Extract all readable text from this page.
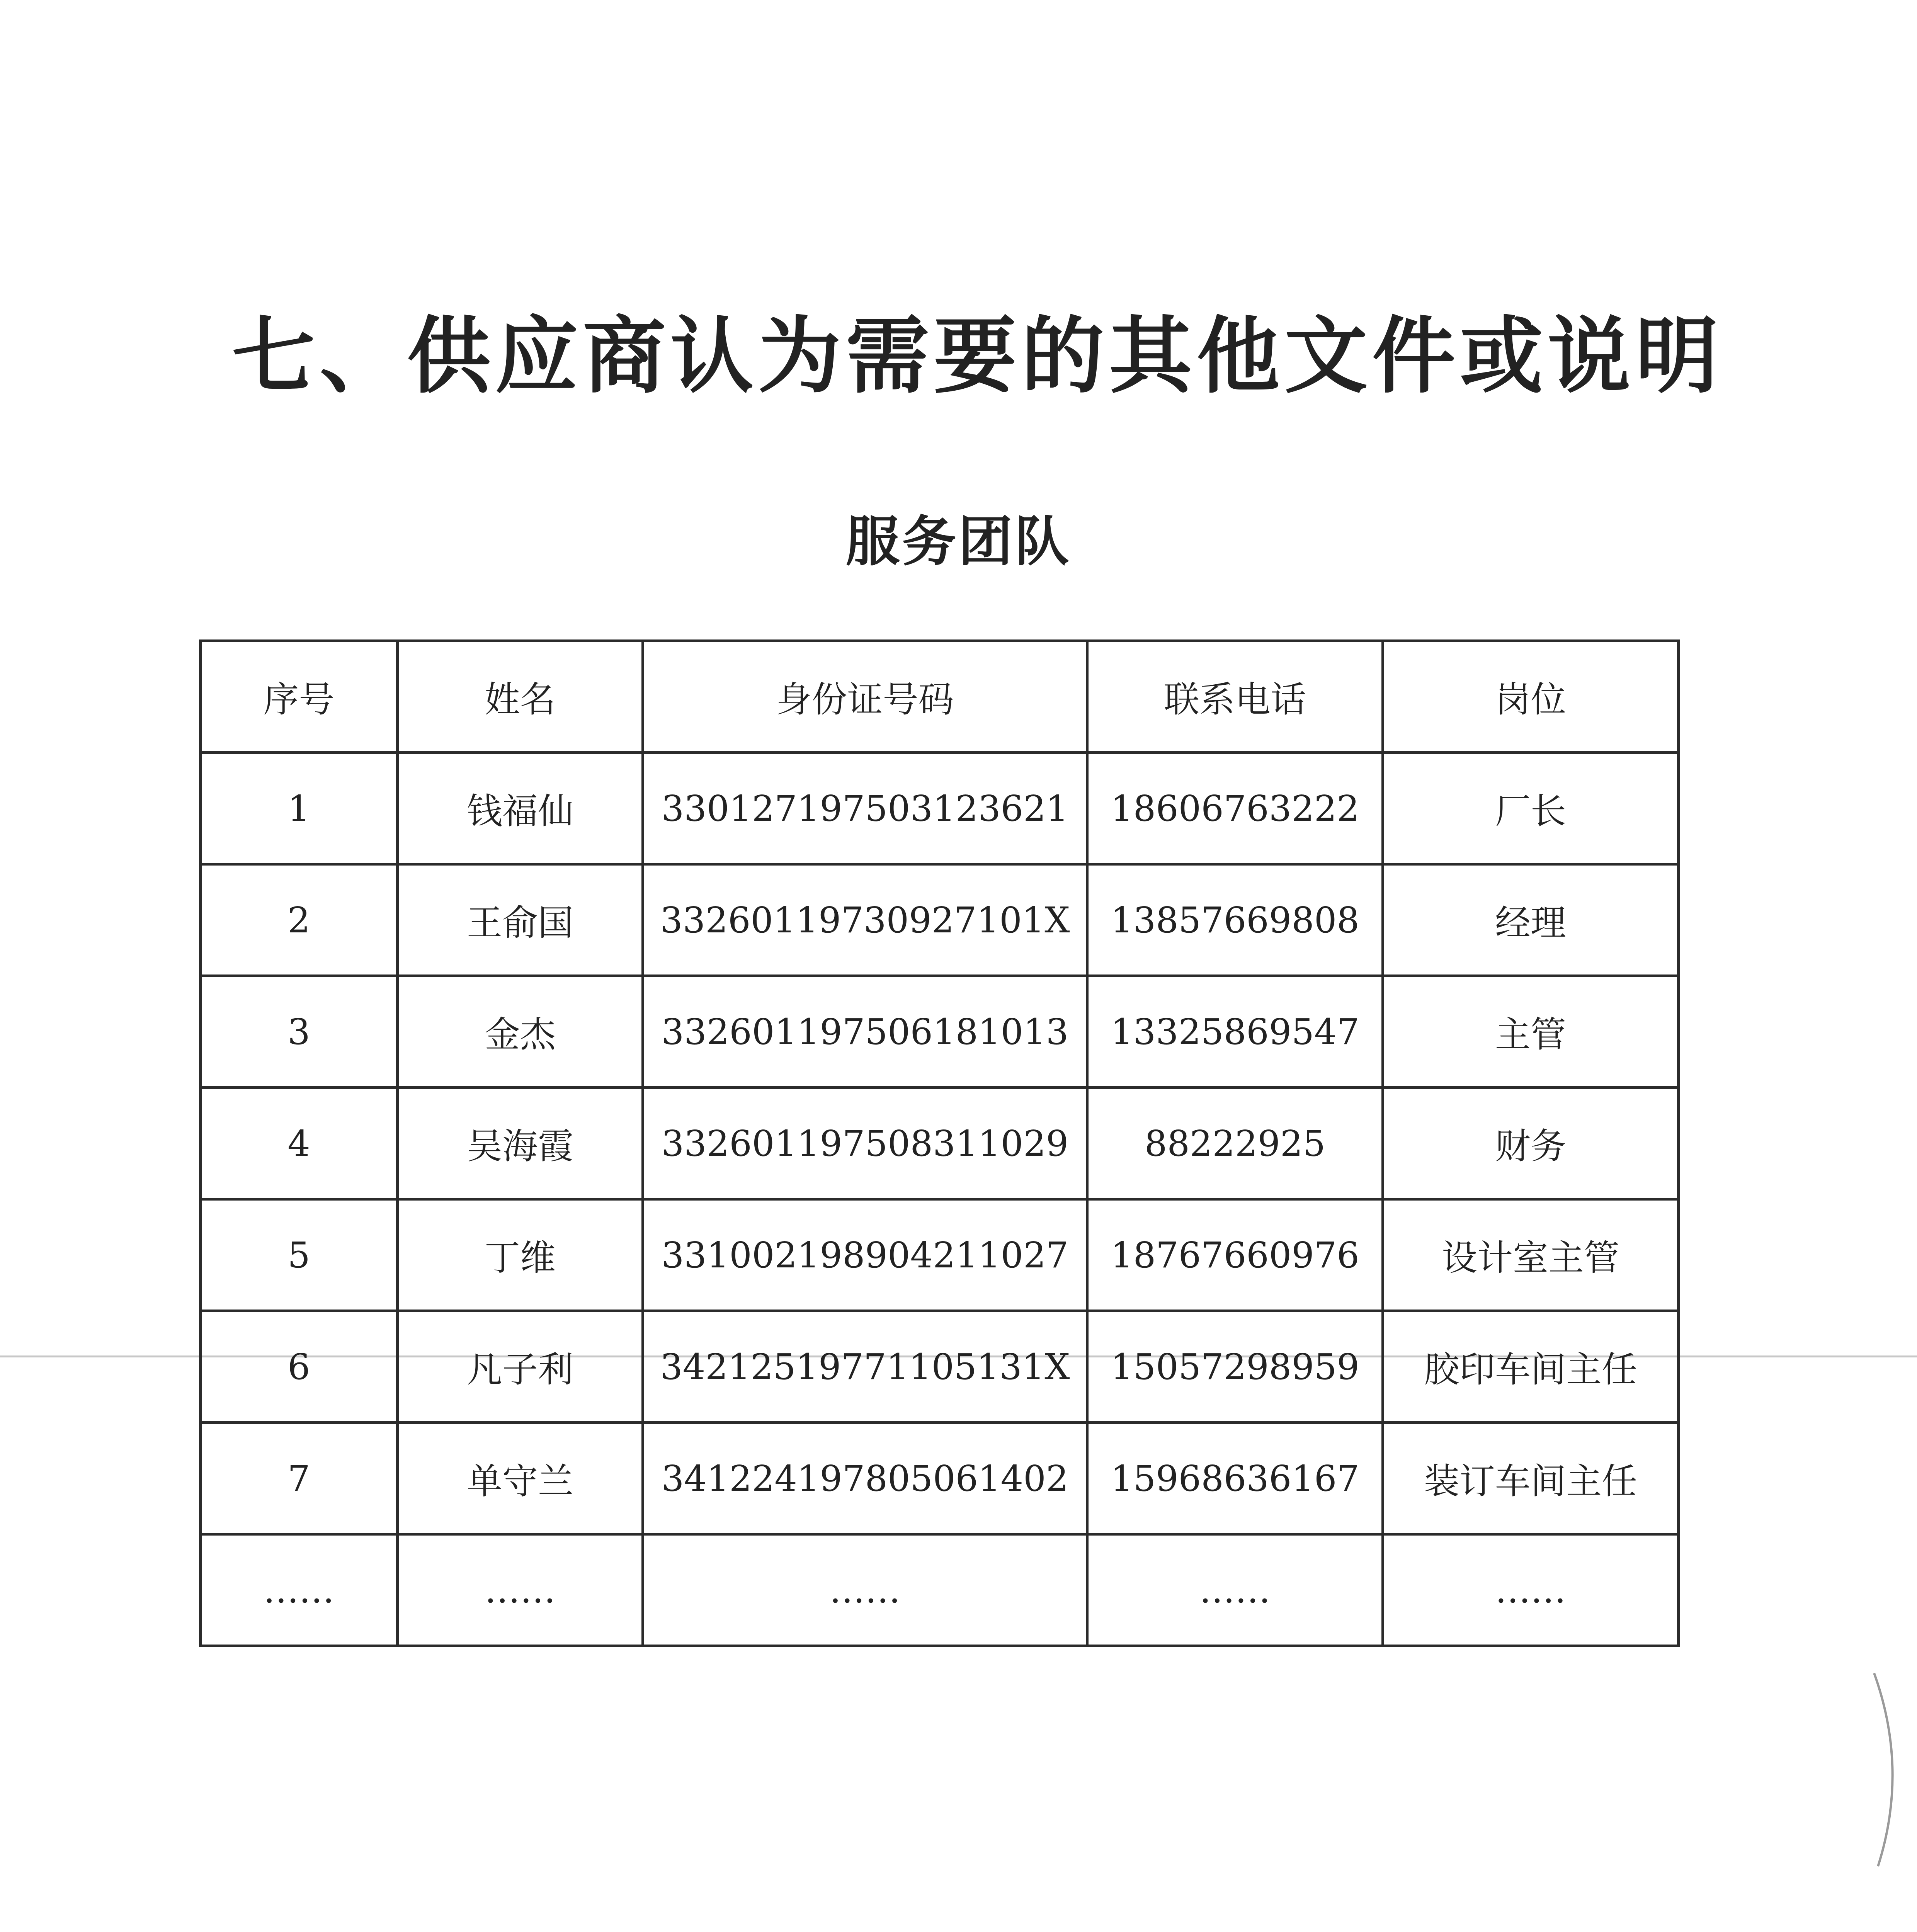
七、供应商认为需要的其他文件或说明
服务团队
序号	姓名	身份证号码	联系电话	岗位
1	钱福仙	330127197503123621	18606763222	厂长
2	王俞国	33260119730927101X	13857669808	经理
3	金杰	332601197506181013	13325869547	主管
4	吴海霞	332601197508311029	88222925	财务
5	丁维	331002198904211027	18767660976	设计室主管
6	凡子利	34212519771105131X	15057298959	胶印车间主任
7	单守兰	341224197805061402	15968636167	装订车间主任
……	……	……	……	……
